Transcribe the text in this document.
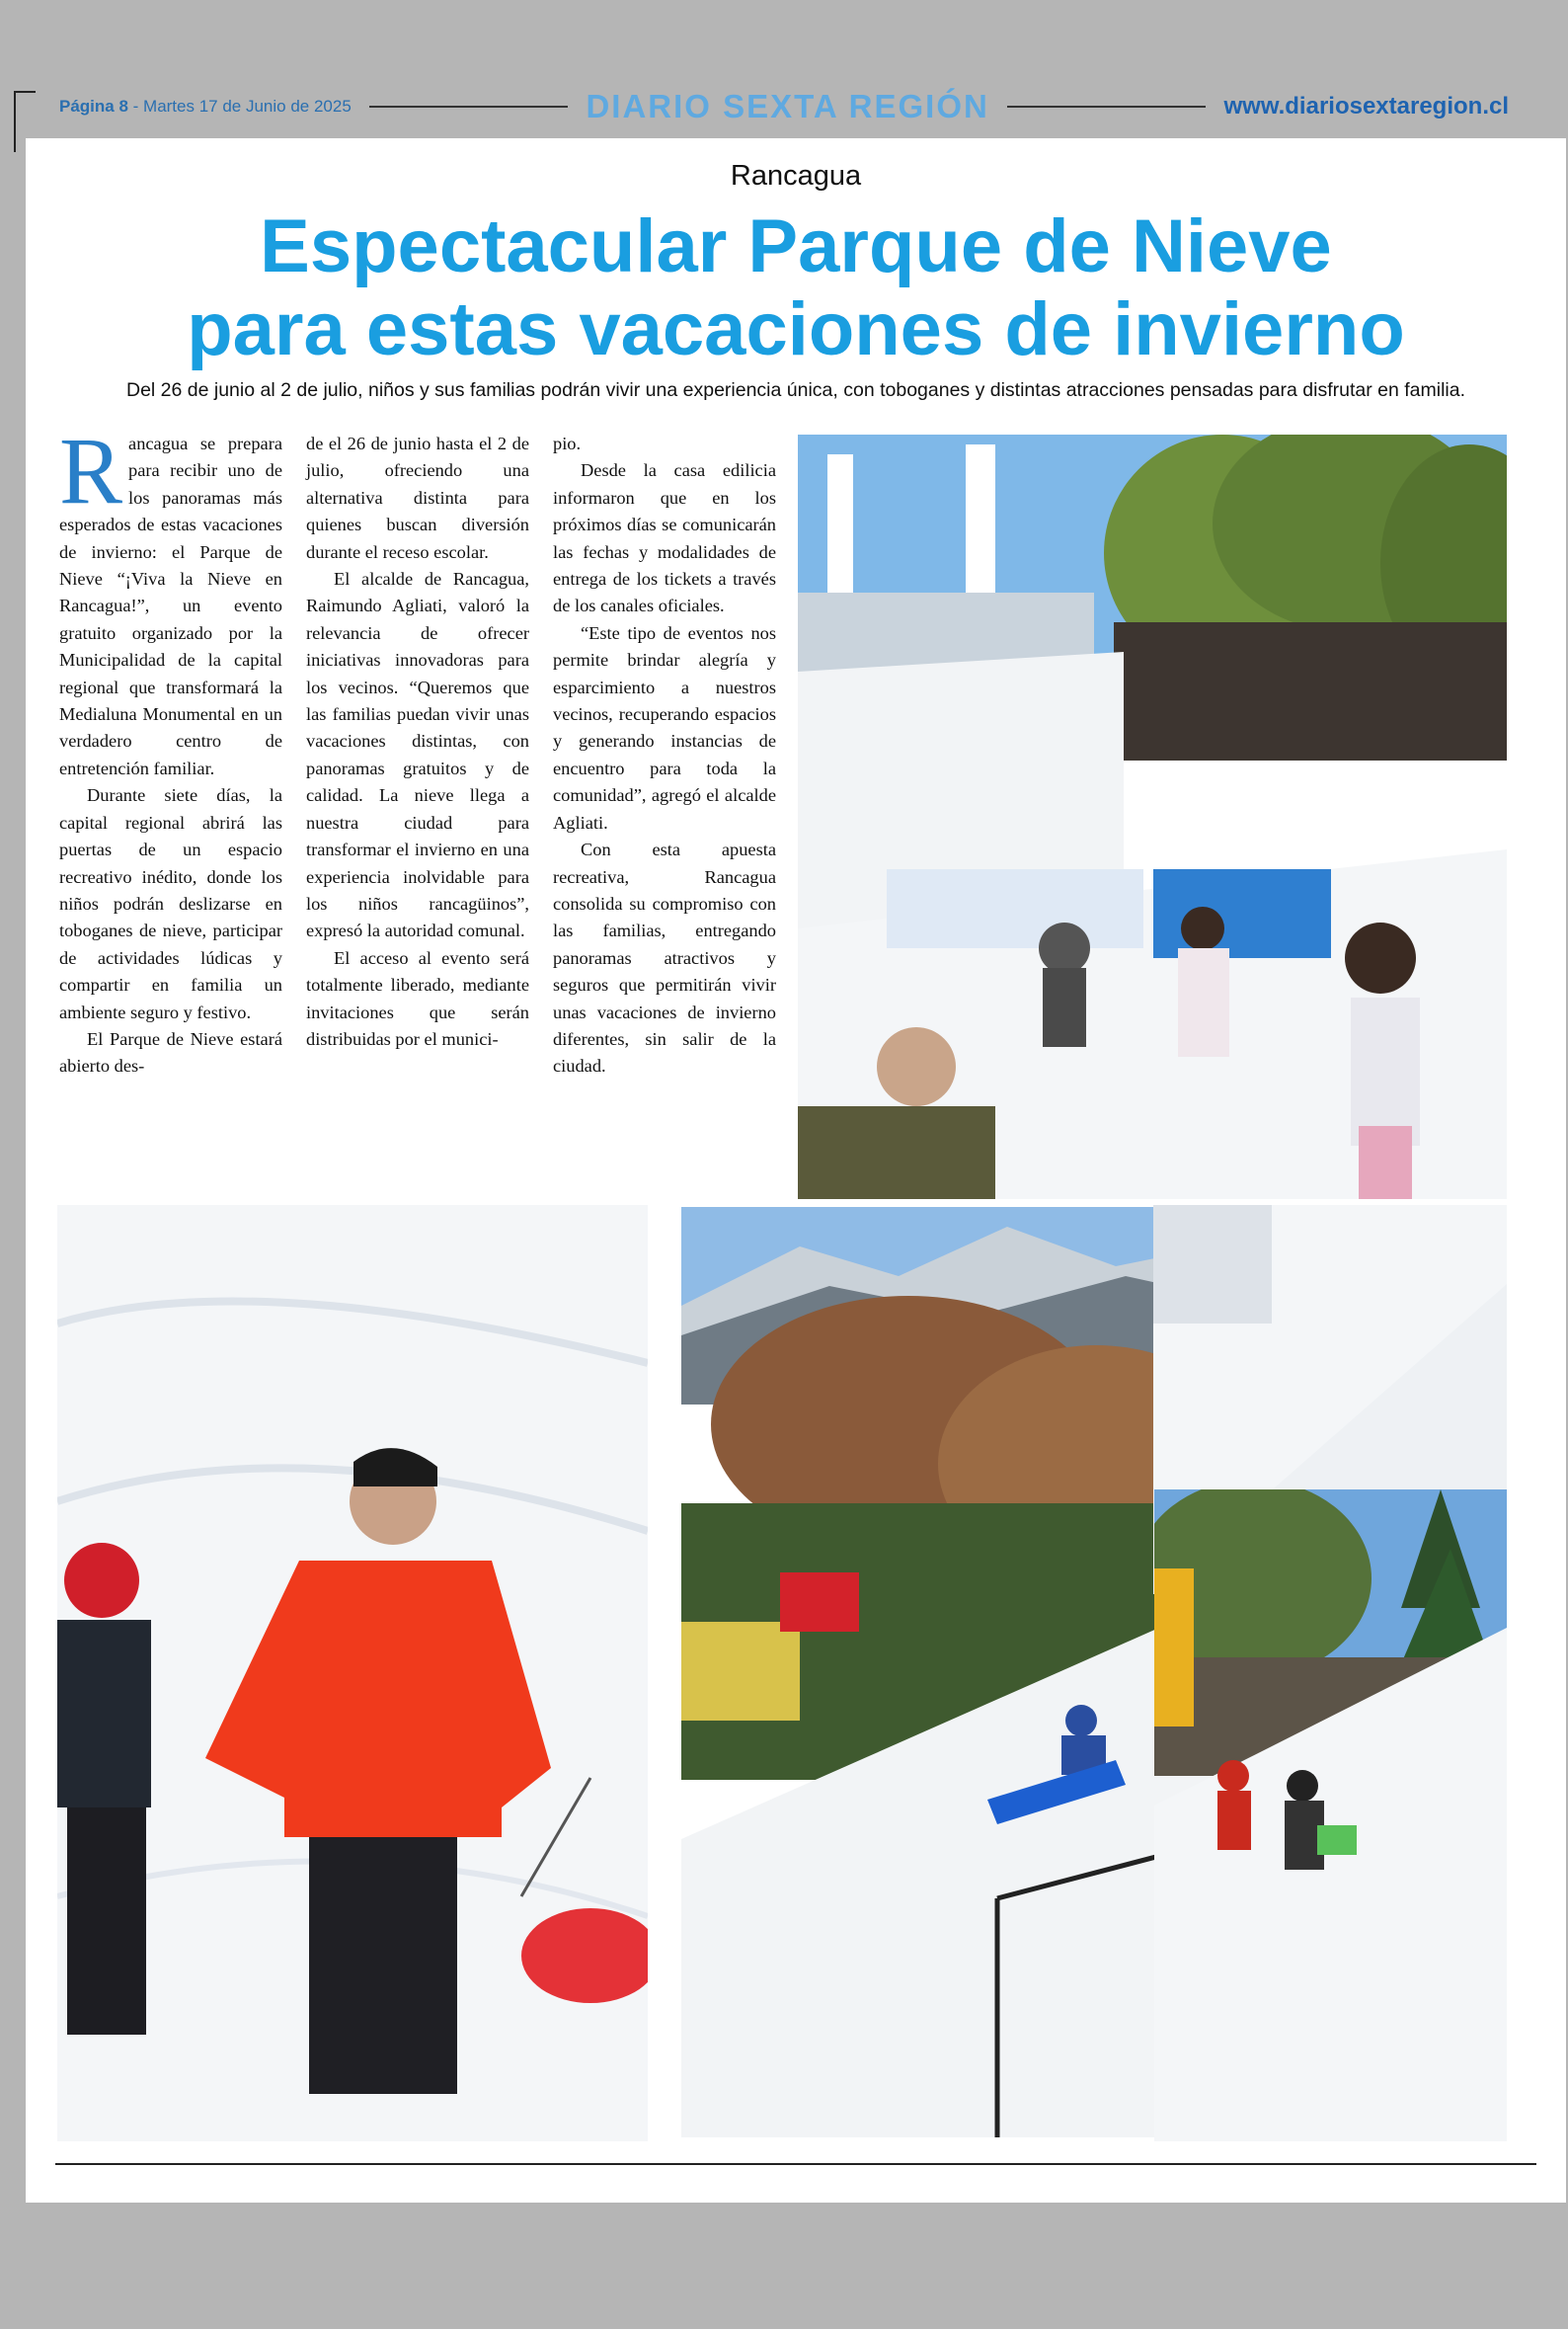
Página 8 - Martes 17 de Junio de 2025	DIARIO SEXTA REGIÓN	www.diariosextaregion.cl
Rancagua
Espectacular Parque de Nieve
para estas vacaciones de invierno
Del 26 de junio al 2 de julio, niños y sus familias podrán vivir una experiencia única, con toboganes y distintas atracciones pensadas para disfrutar en familia.

Rancagua se prepara para recibir uno de los panoramas más esperados de estas vacaciones de invierno: el Parque de Nieve “¡Viva la Nieve en Rancagua!”, un evento gratuito organizado por la Municipalidad de la capital regional que transformará la Medialuna Monumental en un verdadero centro de entretención familiar.

Durante siete días, la capital regional abrirá las puertas de un espacio recreativo inédito, donde los niños podrán deslizarse en toboganes de nieve, participar de actividades lúdicas y compartir en familia un ambiente seguro y festivo.

El Parque de Nieve estará abierto des-

de el 26 de junio hasta el 2 de julio, ofreciendo una alternativa distinta para quienes buscan diversión durante el receso escolar.

El alcalde de Rancagua, Raimundo Agliati, valoró la relevancia de ofrecer iniciativas innovadoras para los vecinos. “Queremos que las familias puedan vivir unas vacaciones distintas, con panoramas gratuitos y de calidad. La nieve llega a nuestra ciudad para transformar el invierno en una experiencia inolvidable para los niños rancagüinos”, expresó la autoridad comunal.

El acceso al evento será totalmente liberado, mediante invitaciones que serán distribuidas por el munici-

pio.

Desde la casa edilicia informaron que en los próximos días se comunicarán las fechas y modalidades de entrega de los tickets a través de los canales oficiales.

“Este tipo de eventos nos permite brindar alegría y esparcimiento a nuestros vecinos, recuperando espacios y generando instancias de encuentro para toda la comunidad”, agregó el alcalde Agliati.

Con esta apuesta recreativa, Rancagua consolida su compromiso con las familias, entregando panoramas atractivos y seguros que permitirán vivir unas vacaciones de invierno diferentes, sin salir de la ciudad.
